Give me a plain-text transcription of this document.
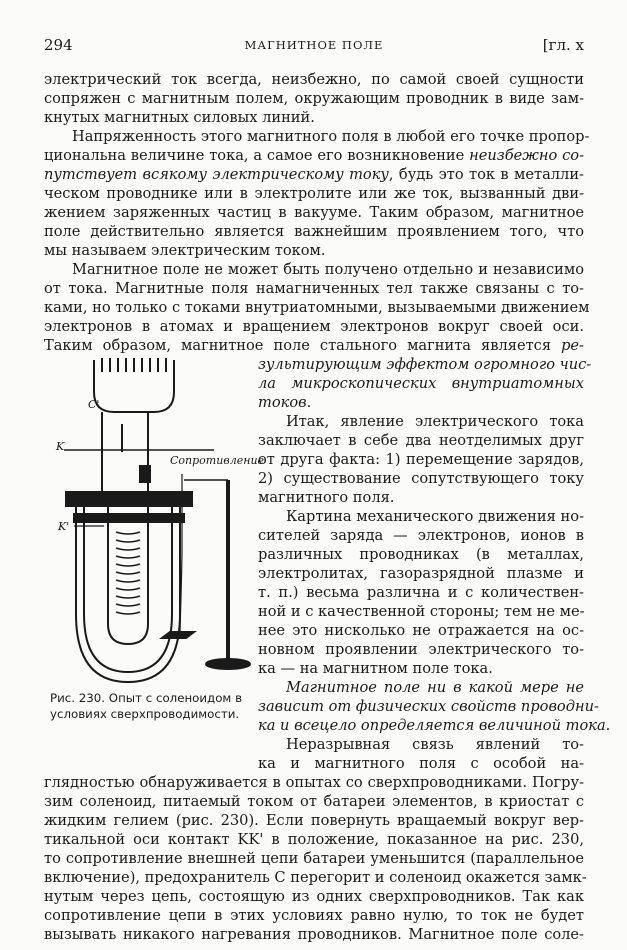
294	МАГНИТНОЕ ПОЛЕ	[гл. x
электрический ток всегда, неизбежно, по самой своей сущности
сопряжен с магнитным полем, окружающим проводник в виде зам-
кнутых магнитных силовых линий.
Напряженность этого магнитного поля в любой его точке пропор-
циональна величине тока, а самое его возникновение неизбежно со-
путствует всякому электрическому току, будь это ток в металли-
ческом проводнике или в электролите или же ток, вызванный дви-
жением заряженных частиц в вакууме. Таким образом, магнитное
поле действительно является важнейшим проявлением того, что
мы называем электрическим током.
Магнитное поле не может быть получено отдельно и независимо
от тока. Магнитные поля намагниченных тел также связаны с то-
ками, но только с токами внутриатомными, вызываемыми движением
электронов в атомах и вращением электронов вокруг своей оси.
Таким образом, магнитное поле стального магнита является ре-
C'
K
Сопротивление
K'
Рис. 230. Опыт с соленоидом в
условиях сверхпроводимости.
зультирующим эффектом огромного чис-
ла микроскопических внутриатомных
токов.
Итак, явление электрического тока
заключает в себе два неотделимых друг
от друга факта: 1) перемещение зарядов,
2) существование сопутствующего току
магнитного поля.
Картина механического движения но-
сителей заряда — электронов, ионов в
различных проводниках (в металлах,
электролитах, газоразрядной плазме и
т. п.) весьма различна и с количествен-
ной и с качественной стороны; тем не ме-
нее это нисколько не отражается на ос-
новном проявлении электрического то-
ка — на магнитном поле тока.
Магнитное поле ни в какой мере не
зависит от физических свойств проводни-
ка и всецело определяется величиной тока.
Неразрывная связь явлений то-
ка и магнитного поля с особой на-
глядностью обнаруживается в опытах со сверхпроводниками. Погру-
зим соленоид, питаемый током от батареи элементов, в криостат с
жидким гелием (рис. 230). Если повернуть вращаемый вокруг вер-
тикальной оси контакт KK' в положение, показанное на рис. 230,
то сопротивление внешней цепи батареи уменьшится (параллельное
включение), предохранитель C перегорит и соленоид окажется замк-
нутым через цепь, состоящую из одних сверхпроводников. Так как
сопротивление цепи в этих условиях равно нулю, то ток не будет
вызывать никакого нагревания проводников. Магнитное поле соле-
